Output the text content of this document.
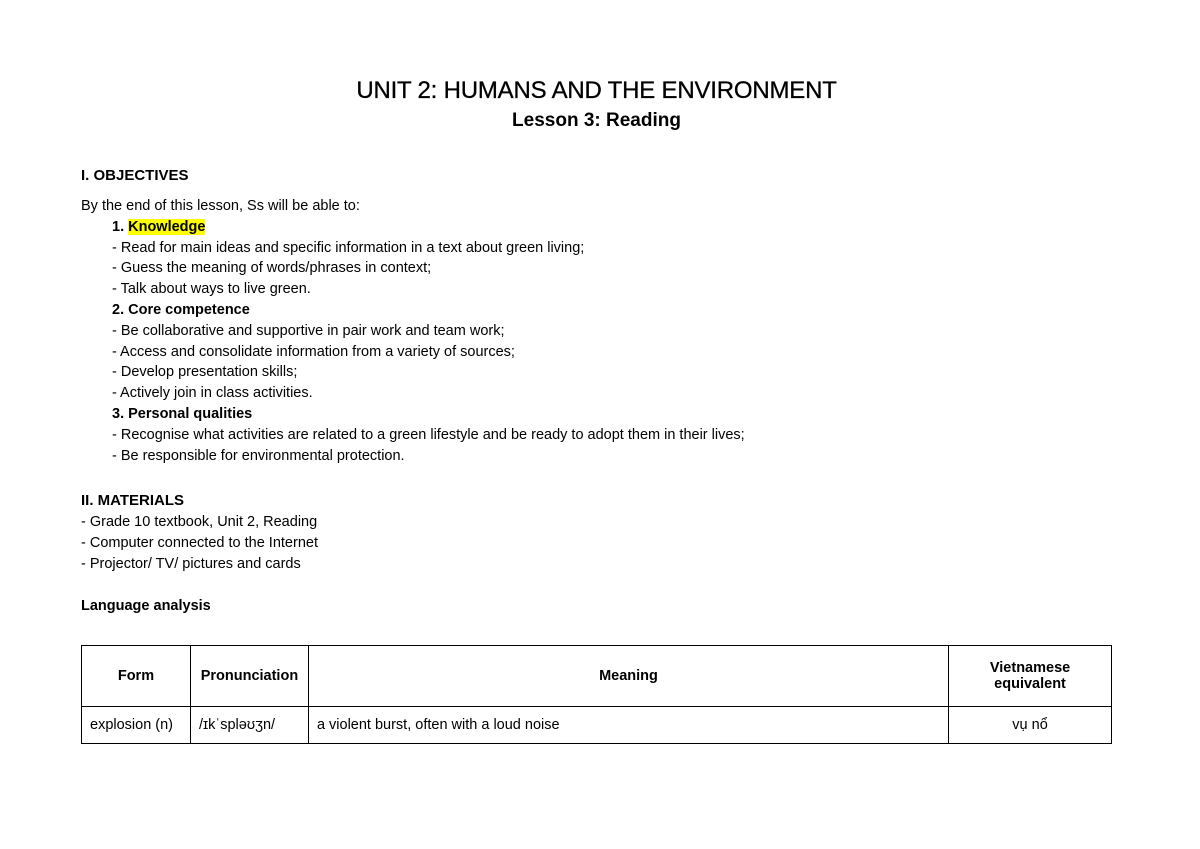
UNIT 2: HUMANS AND THE ENVIRONMENT
Lesson 3: Reading

I. OBJECTIVES

By the end of this lesson, Ss will be able to:

1. Knowledge

- Read for main ideas and specific information in a text about green living;

- Guess the meaning of words/phrases in context;

- Talk about ways to live green.

2. Core competence

- Be collaborative and supportive in pair work and team work;

- Access and consolidate information from a variety of sources;

- Develop presentation skills;

- Actively join in class activities.

3. Personal qualities

- Recognise what activities are related to a green lifestyle and be ready to adopt them in their lives;

- Be responsible for environmental protection.

II. MATERIALS

- Grade 10 textbook, Unit 2, Reading

- Computer connected to the Internet

- Projector/ TV/ pictures and cards

Language analysis

Form	Pronunciation	Meaning	Vietnamese equivalent
explosion (n)	/ɪkˈspləʊʒn/	a violent burst, often with a loud noise	vụ nổ
